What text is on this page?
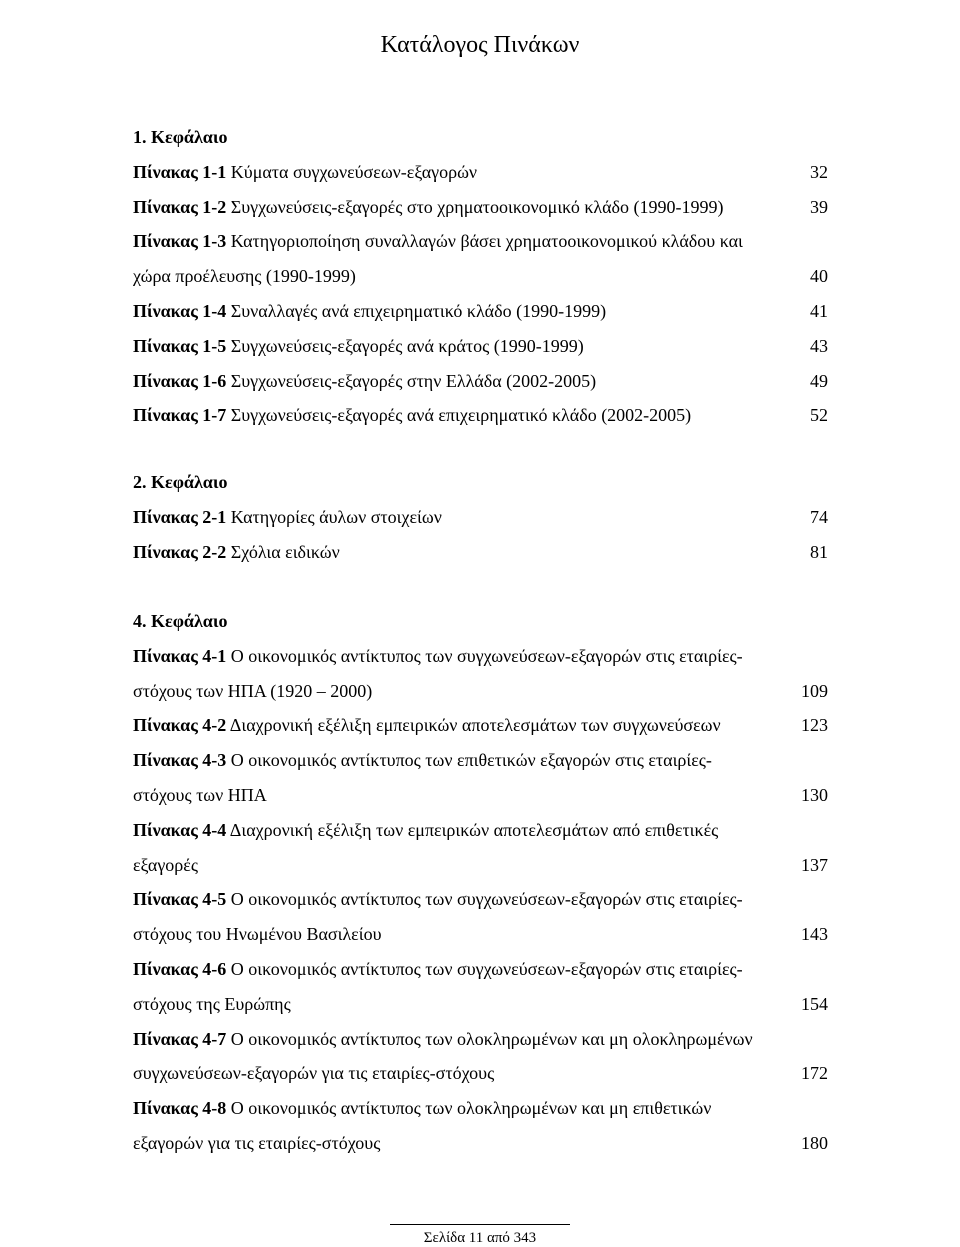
Κατάλογος Πινάκων
1. Κεφάλαιο
Πίνακας 1-1 Κύματα συγχωνεύσεων-εξαγορών	32
Πίνακας 1-2 Συγχωνεύσεις-εξαγορές στο χρηματοοικονομικό κλάδο (1990-1999)	39
Πίνακας 1-3 Κατηγοριοποίηση συναλλαγών βάσει χρηματοοικονομικού κλάδου και
χώρα προέλευσης (1990-1999)	40
Πίνακας 1-4 Συναλλαγές ανά επιχειρηματικό κλάδο (1990-1999)	41
Πίνακας 1-5 Συγχωνεύσεις-εξαγορές ανά κράτος (1990-1999)	43
Πίνακας 1-6 Συγχωνεύσεις-εξαγορές στην Ελλάδα (2002-2005)	49
Πίνακας 1-7 Συγχωνεύσεις-εξαγορές ανά επιχειρηματικό κλάδο (2002-2005)	52
2. Κεφάλαιο
Πίνακας 2-1 Κατηγορίες άυλων στοιχείων	74
Πίνακας 2-2 Σχόλια ειδικών	81
4. Κεφάλαιο
Πίνακας 4-1 Ο οικονομικός αντίκτυπος των συγχωνεύσεων-εξαγορών στις εταιρίες-
στόχους των ΗΠΑ (1920 – 2000)	109
Πίνακας 4-2 Διαχρονική εξέλιξη εμπειρικών αποτελεσμάτων των συγχωνεύσεων	123
Πίνακας 4-3 Ο οικονομικός αντίκτυπος των επιθετικών εξαγορών στις εταιρίες-
στόχους των ΗΠΑ	130
Πίνακας 4-4 Διαχρονική εξέλιξη των εμπειρικών αποτελεσμάτων από επιθετικές
εξαγορές	137
Πίνακας 4-5 Ο οικονομικός αντίκτυπος των συγχωνεύσεων-εξαγορών στις εταιρίες-
στόχους του Ηνωμένου Βασιλείου	143
Πίνακας 4-6 Ο οικονομικός αντίκτυπος των συγχωνεύσεων-εξαγορών στις εταιρίες-
στόχους της Ευρώπης	154
Πίνακας 4-7 Ο οικονομικός αντίκτυπος των ολοκληρωμένων και μη ολοκληρωμένων
συγχωνεύσεων-εξαγορών για τις εταιρίες-στόχους	172
Πίνακας 4-8 Ο οικονομικός αντίκτυπος των ολοκληρωμένων και μη επιθετικών
εξαγορών για τις εταιρίες-στόχους	180
Σελίδα 11 από 343
